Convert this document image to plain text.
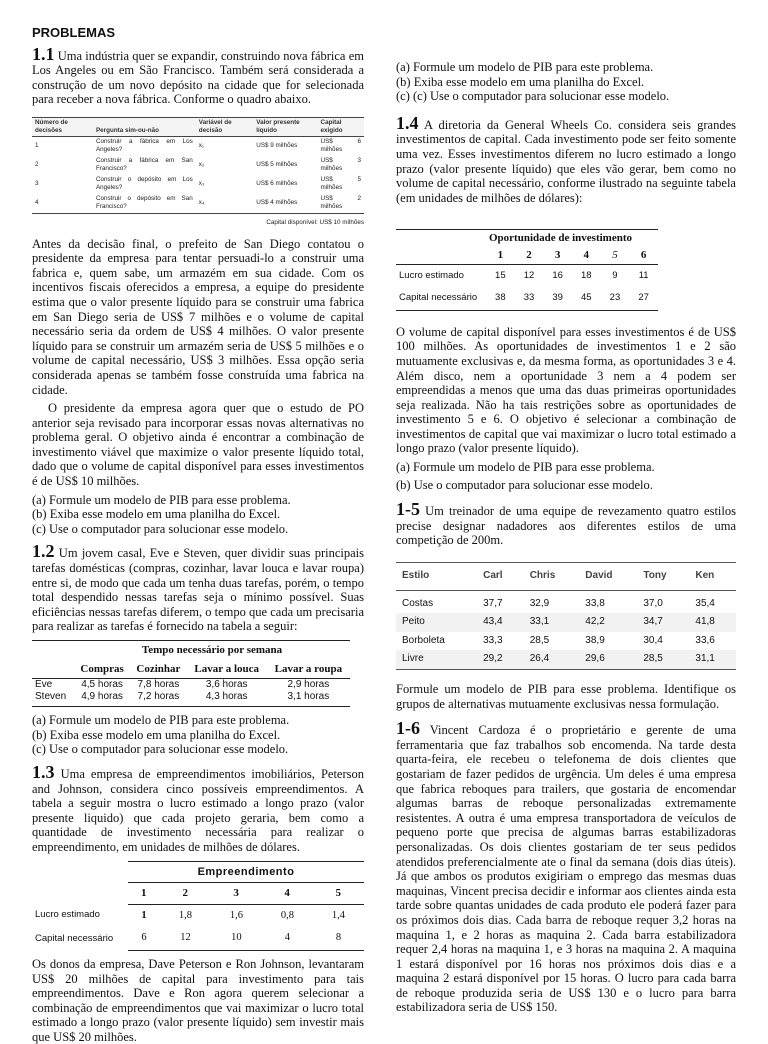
PROBLEMAS

1.1 Uma indústria quer se expandir, construindo nova fábrica em Los Angeles ou em São Francisco. Também será considerada a construção de um novo depósito na cidade que for selecionada para receber a nova fábrica. Conforme o quadro abaixo.

Número de decisões	Pergunta sim-ou-não	Variável de decisão	Valor presente líquido	Capital exigido
1	Construir a fábrica em Los Angeles?	x₁	US$ 9 milhões	US$ 6 milhões
2	Construir a fábrica em San Francisco?	x₂	US$ 5 milhões	US$ 3 milhões
3	Construir o depósito em Los Angeles?	x₃	US$ 6 milhões	US$ 5 milhões
4	Construir o depósito em San Francisco?	x₄	US$ 4 milhões	US$ 2 milhões
Capital disponível: US$ 10 milhões

Antes da decisão final, o prefeito de San Diego contatou o presidente da empresa para tentar persuadi-lo a construir uma fabrica e, quem sabe, um armazém em sua cidade. Com os incentivos fiscais oferecidos a empresa, a equipe do presidente estima que o valor presente líquido para se construir uma fabrica em San Diego seria de US$ 7 milhões e o volume de capital necessário seria da ordem de US$ 4 milhões. O valor presente líquido para se construir um armazém seria de US$ 5 milhões e o volume de capital necessário, US$ 3 milhões. Essa opção seria considerada apenas se também fosse construída uma fabrica na cidade.

O presidente da empresa agora quer que o estudo de PO anterior seja revisado para incorporar essas novas alternativas no problema geral. O objetivo ainda é encontrar a combinação de investimento viável que maximize o valor presente líquido total, dado que o volume de capital disponível para esses investimentos é de US$ 10 milhões.

(a) Formule um modelo de PIB para esse problema.
(b) Exiba esse modelo em uma planilha do Excel.
(c) Use o computador para solucionar esse modelo.

1.2 Um jovem casal, Eve e Steven, quer dividir suas principais tarefas domésticas (compras, cozinhar, lavar louca e lavar roupa) entre si, de modo que cada um tenha duas tarefas, porém, o tempo total despendido nessas tarefas seja o mínimo possível. Suas eficiências nessas tarefas diferem, o tempo que cada um precisaria para realizar as tarefas é fornecido na tabela a seguir:

	Tempo necessário por semana			
	Compras	Cozinhar	Lavar a louca	Lavar a roupa
Eve	4,5 horas	7,8 horas	3,6 horas	2,9 horas
Steven	4,9 horas	7,2 horas	4,3 horas	3,1 horas
(a) Formule um modelo de PIB para este problema.
(b) Exiba esse modelo em uma planilha do Excel.
(c) Use o computador para solucionar esse modelo.

1.3 Uma empresa de empreendimentos imobiliários, Peterson and Johnson, considera cinco possíveis empreendimentos. A tabela a seguir mostra o lucro estimado a longo prazo (valor presente liquido) que cada projeto geraria, bem como a quantidade de investimento necessária para realizar o empreendimento, em unidades de milhões de dólares.

	Empreendimento				
	1	2	3	4	5
Lucro estimado	1	1,8	1,6	0,8	1,4
Capital necessário	6	12	10	4	8

Os donos da empresa, Dave Peterson e Ron Johnson, levantaram US$ 20 milhões de capital para investimento para tais empreendimentos. Dave e Ron agora querem selecionar a combinação de empreendimentos que vai maximizar o lucro total estimado a longo prazo (valor presente líquido) sem investir mais que US$ 20 milhões.

(a) Formule um modelo de PIB para este problema.
(b) Exiba esse modelo em uma planilha do Excel.
(c) (c) Use o computador para solucionar esse modelo.

1.4 A diretoria da General Wheels Co. considera seis grandes investimentos de capital. Cada investimento pode ser feito somente uma vez. Esses investimentos diferem no lucro estimado a longo prazo (valor presente líquido) que eles vão gerar, bem como no volume de capital necessário, conforme ilustrado na seguinte tabela (em unidades de milhões de dólares):

	Oportunidade de investimento					
	1	2	3	4	5	6
Lucro estimado	15	12	16	18	9	11
Capital necessário	38	33	39	45	23	27

O volume de capital disponível para esses investimentos é de US$ 100 milhões. As oportunidades de investimentos 1 e 2 são mutuamente exclusivas e, da mesma forma, as oportunidades 3 e 4. Além disco, nem a oportunidade 3 nem a 4 podem ser empreendidas a menos que uma das duas primeiras oportunidades seja realizada. Não ha tais restrições sobre as oportunidades de investimento 5 e 6. O objetivo é selecionar a combinação de investimentos de capital que vai maximizar o lucro total estimado a longo prazo (valor presente líquido).

(a) Formule um modelo de PIB para esse problema.
(b) Use o computador para solucionar esse modelo.

1-5 Um treinador de uma equipe de revezamento quatro estilos precise designar nadadores aos diferentes estilos de uma competição de 200m.

Estilo	Carl	Chris	David	Tony	Ken
Costas	37,7	32,9	33,8	37,0	35,4
Peito	43,4	33,1	42,2	34,7	41,8
Borboleta	33,3	28,5	38,9	30,4	33,6
Livre	29,2	26,4	29,6	28,5	31,1

Formule um modelo de PIB para esse problema. Identifique os grupos de alternativas mutuamente exclusivas nessa formulação.

1-6 Vincent Cardoza é o proprietário e gerente de uma ferramentaria que faz trabalhos sob encomenda. Na tarde desta quarta-feira, ele recebeu o telefonema de dois clientes que gostariam de fazer pedidos de urgência. Um deles é uma empresa que fabrica reboques para trailers, que gostaria de encomendar algumas barras de reboque personalizadas extremamente resistentes. A outra é uma empresa transportadora de veículos de pequeno porte que precisa de algumas barras estabilizadoras personalizadas. Os dois clientes gostariam de ter seus pedidos atendidos preferencialmente ate o final da semana (dois dias úteis). Já que ambos os produtos exigiriam o emprego das mesmas duas maquinas, Vincent precisa decidir e informar aos clientes ainda esta tarde sobre quantas unidades de cada produto ele poderá fazer para os próximos dois dias. Cada barra de reboque requer 3,2 horas na maquina 1, e 2 horas as maquina 2. Cada barra estabilizadora requer 2,4 horas na maquina 1, e 3 horas na maquina 2. A maquina 1 estará disponível por 16 horas nos próximos dois dias e a maquina 2 estará disponível por 15 horas. O lucro para cada barra de reboque produzida seria de US$ 130 e o lucro para barra estabilizadora seria de US$ 150.
